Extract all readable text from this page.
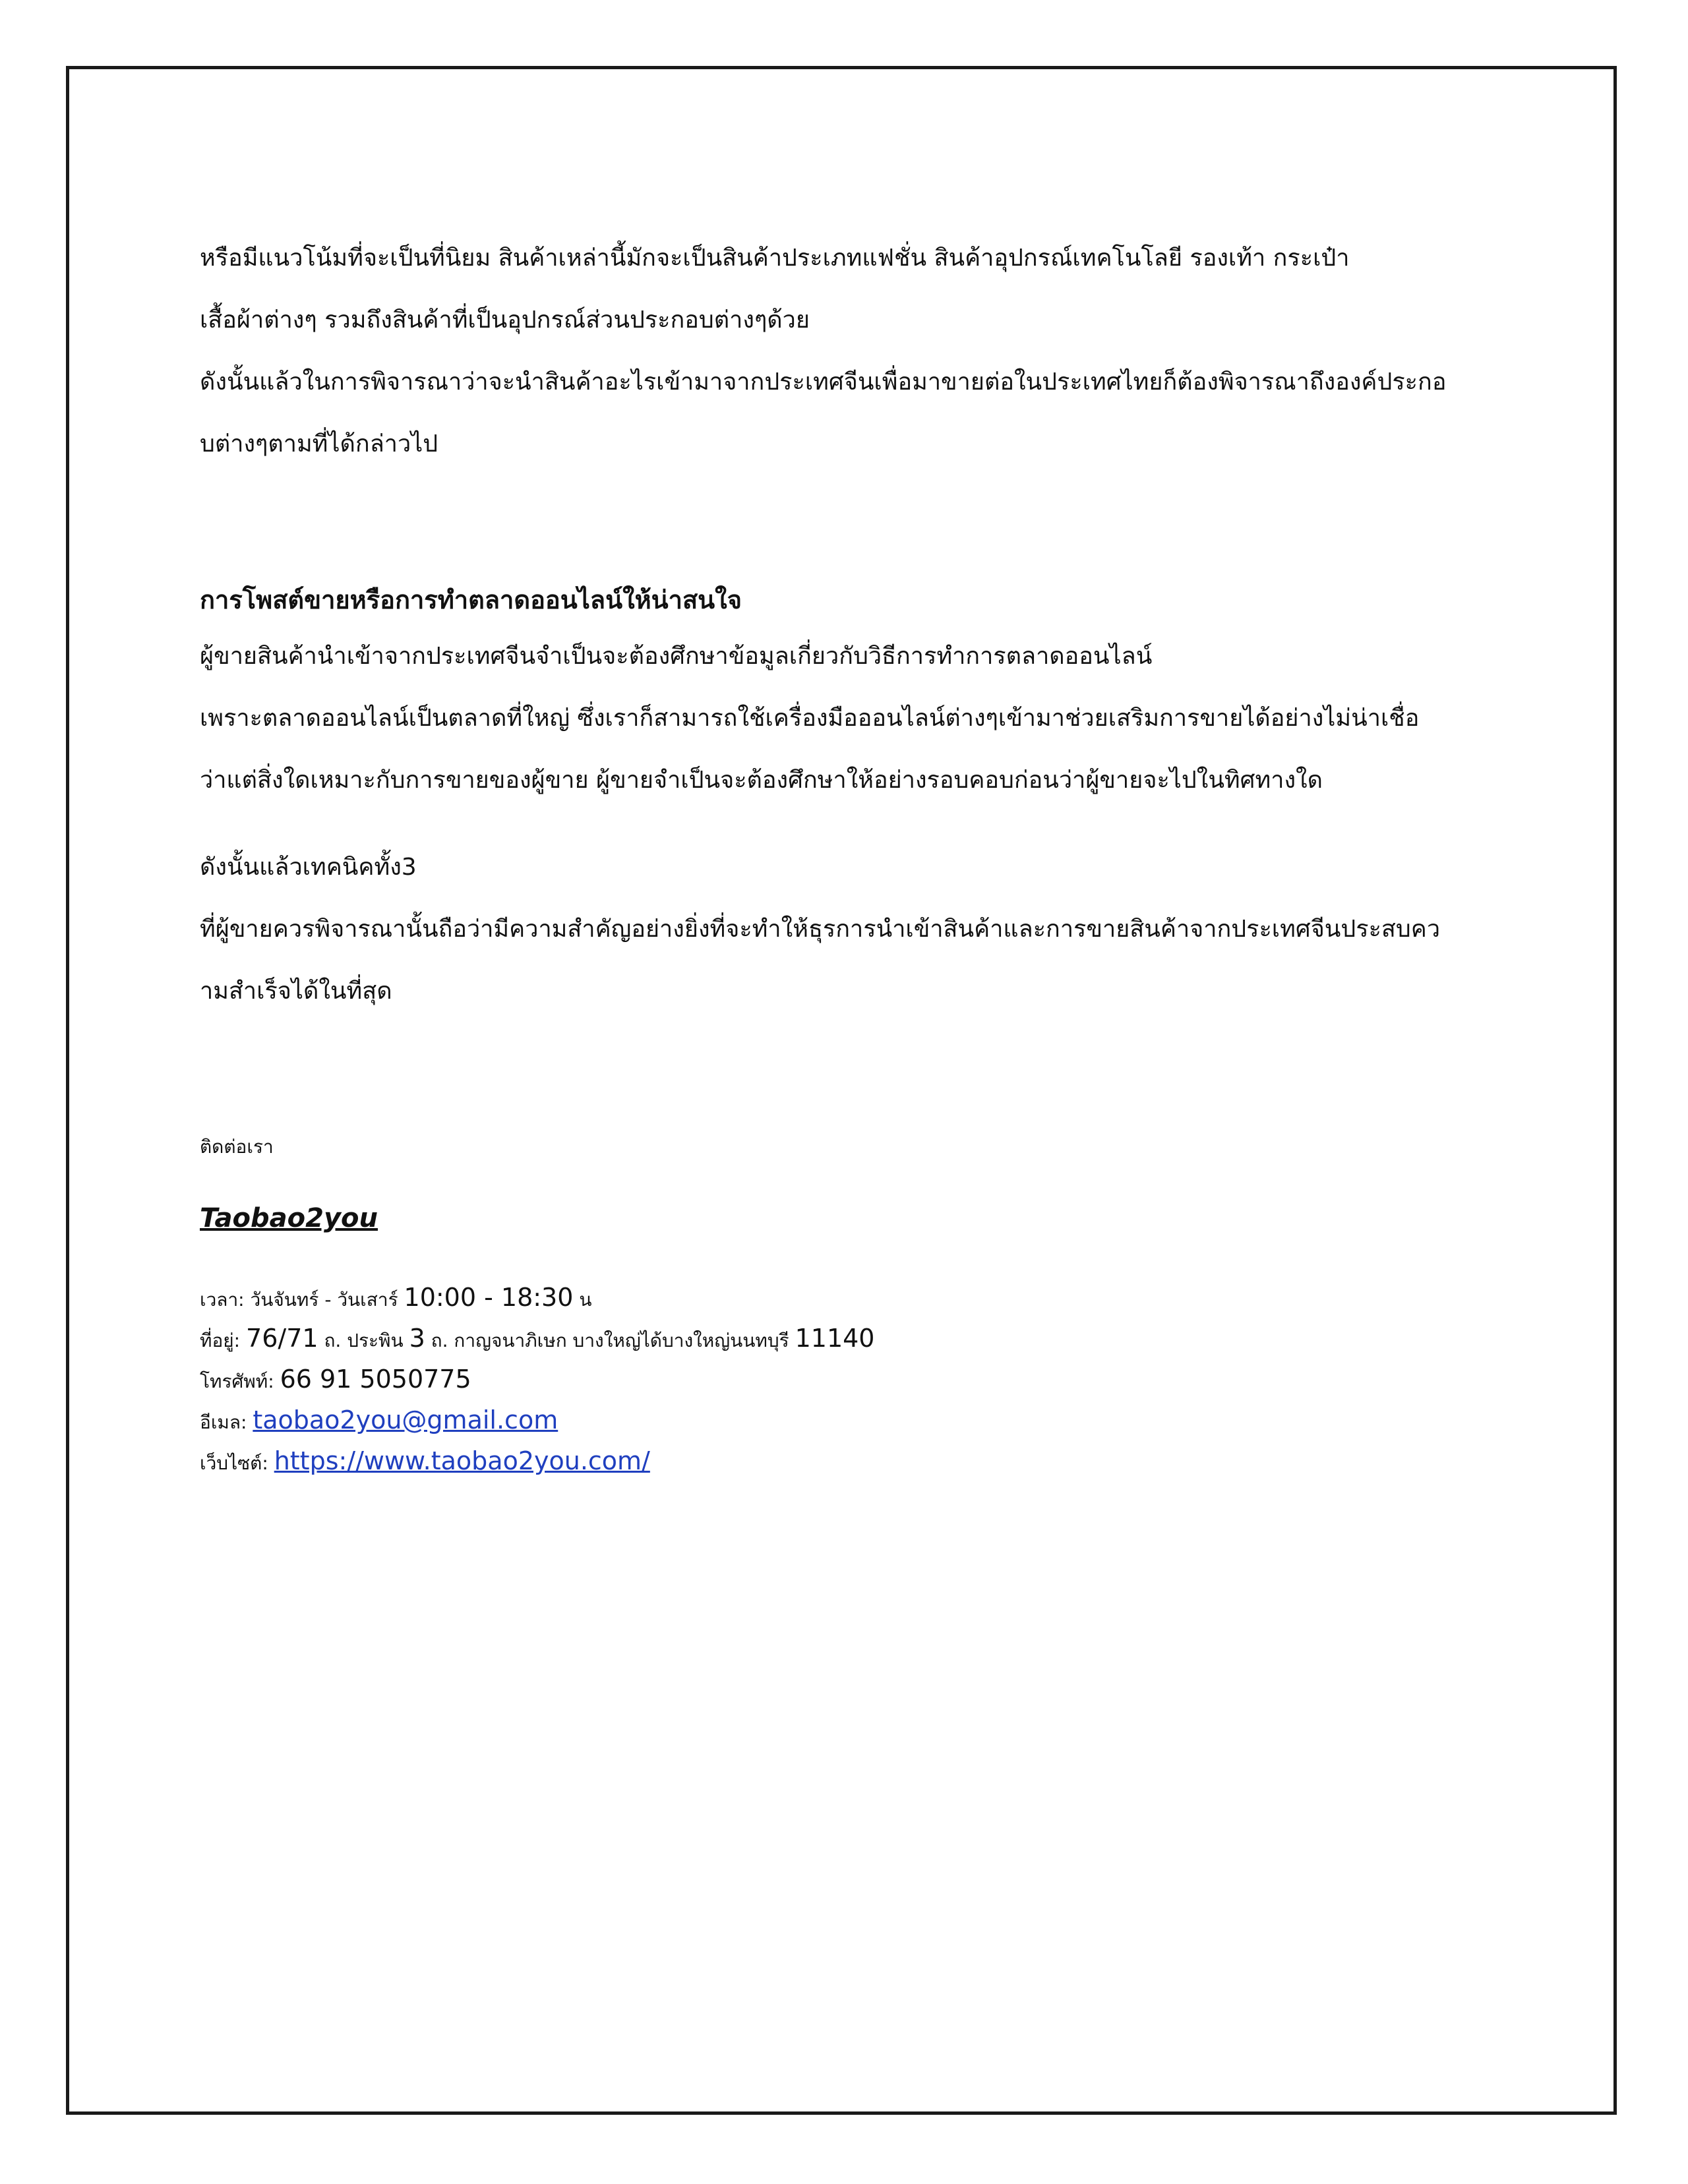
หรือมีแนวโน้มที่จะเป็นที่นิยม สินค้าเหล่านี้มักจะเป็นสินค้าประเภทแฟชั่น สินค้าอุปกรณ์เทคโนโลยี รองเท้า กระเป๋า
เสื้อผ้าต่างๆ รวมถึงสินค้าที่เป็นอุปกรณ์ส่วนประกอบต่างๆด้วย
ดังนั้นแล้วในการพิจารณาว่าจะนำสินค้าอะไรเข้ามาจากประเทศจีนเพื่อมาขายต่อในประเทศไทยก็ต้องพิจารณาถึงองค์ประกอ
บต่างๆตามที่ได้กล่าวไป
การโพสต์ขายหรือการทำตลาดออนไลน์ให้น่าสนใจ
ผู้ขายสินค้านำเข้าจากประเทศจีนจำเป็นจะต้องศึกษาข้อมูลเกี่ยวกับวิธีการทำการตลาดออนไลน์
เพราะตลาดออนไลน์เป็นตลาดที่ใหญ่ ซึ่งเราก็สามารถใช้เครื่องมือออนไลน์ต่างๆเข้ามาช่วยเสริมการขายได้อย่างไม่น่าเชื่อ
ว่าแต่สิ่งใดเหมาะกับการขายของผู้ขาย ผู้ขายจำเป็นจะต้องศึกษาให้อย่างรอบคอบก่อนว่าผู้ขายจะไปในทิศทางใด
ดังนั้นแล้วเทคนิคทั้ง3
ที่ผู้ขายควรพิจารณานั้นถือว่ามีความสำคัญอย่างยิ่งที่จะทำให้ธุรการนำเข้าสินค้าและการขายสินค้าจากประเทศจีนประสบคว
ามสำเร็จได้ในที่สุด
ติดต่อเรา
Taobao2you
เวลา: วันจันทร์ - วันเสาร์ 10:00 - 18:30 น
ที่อยู่: 76/71 ถ. ประพิน 3 ถ. กาญจนาภิเษก บางใหญ่ได้บางใหญ่นนทบุรี 11140
โทรศัพท์: 66 91 5050775
อีเมล: taobao2you@gmail.com
เว็บไซต์: https://www.taobao2you.com/
